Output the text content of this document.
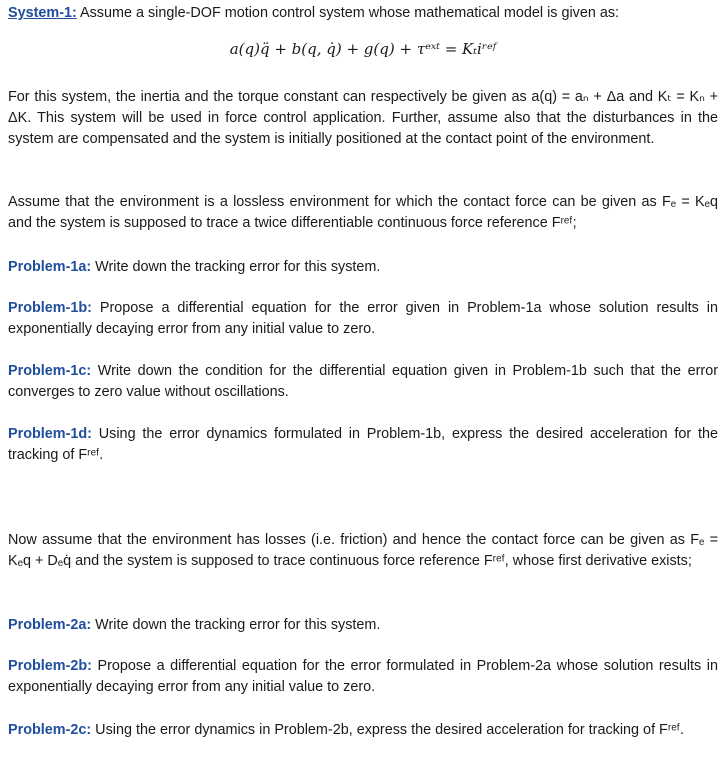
System-1: Assume a single-DOF motion control system whose mathematical model is given as:

a(q)q̈ + b(q, q̇) + g(q) + τᵉˣᵗ = Kₜiʳᵉᶠ

For this system, the inertia and the torque constant can respectively be given as a(q) = aₙ + Δa and Kₜ = Kₙ + ΔK. This system will be used in force control application. Further, assume also that the disturbances in the system are compensated and the system is initially positioned at the contact point of the environment.

Assume that the environment is a lossless environment for which the contact force can be given as Fₑ = Kₑq and the system is supposed to trace a twice differentiable continuous force reference Fʳᵉᶠ;

Problem-1a: Write down the tracking error for this system.

Problem-1b: Propose a differential equation for the error given in Problem-1a whose solution results in exponentially decaying error from any initial value to zero.

Problem-1c: Write down the condition for the differential equation given in Problem-1b such that the error converges to zero value without oscillations.

Problem-1d: Using the error dynamics formulated in Problem-1b, express the desired acceleration for the tracking of Fʳᵉᶠ.

Now assume that the environment has losses (i.e. friction) and hence the contact force can be given as Fₑ = Kₑq + Dₑq̇ and the system is supposed to trace continuous force reference Fʳᵉᶠ, whose first derivative exists;

Problem-2a: Write down the tracking error for this system.

Problem-2b: Propose a differential equation for the error formulated in Problem-2a whose solution results in exponentially decaying error from any initial value to zero.

Problem-2c: Using the error dynamics in Problem-2b, express the desired acceleration for tracking of Fʳᵉᶠ.
